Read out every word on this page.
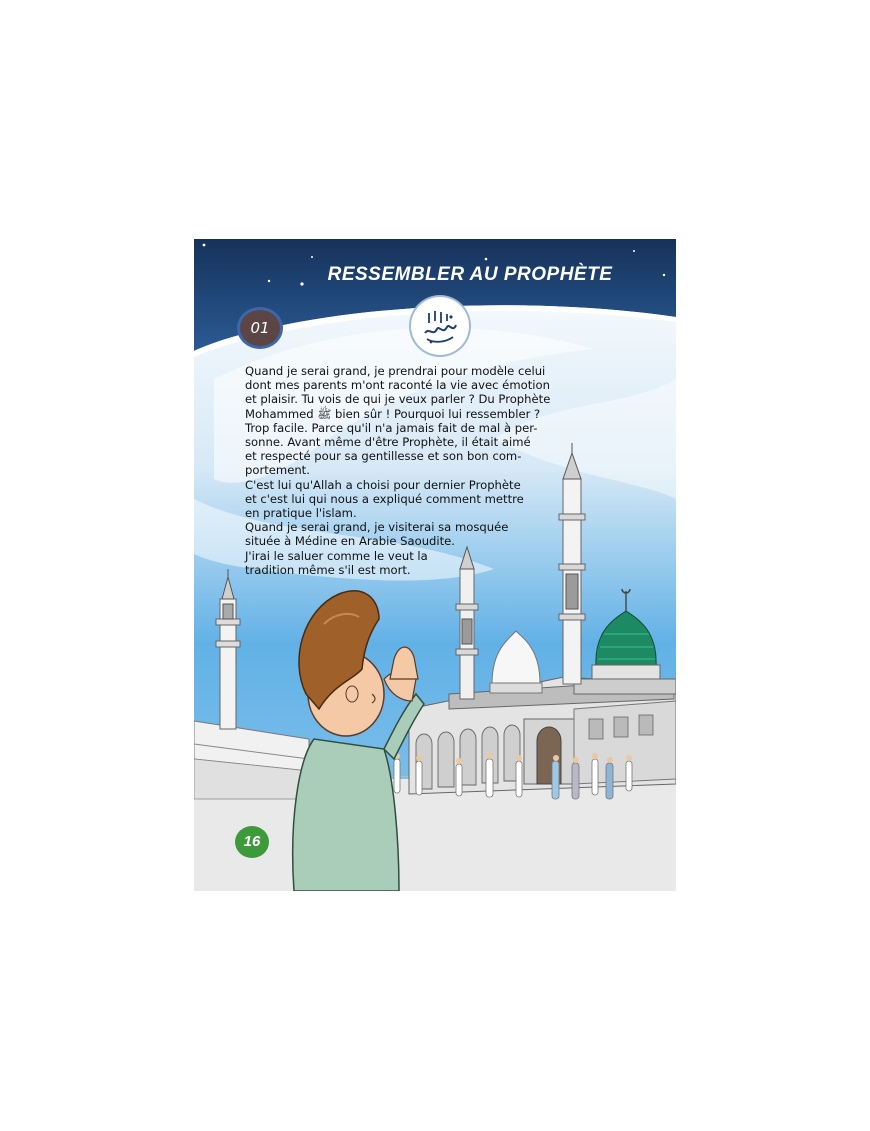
RESSEMBLER AU PROPHÈTE
01

Quand je serai grand, je prendrai pour modèle celui
dont mes parents m'ont raconté la vie avec émotion
et plaisir. Tu vois de qui je veux parler ? Du Prophète
Mohammed ﷺ bien sûr ! Pourquoi lui ressembler ?
Trop facile. Parce qu'il n'a jamais fait de mal à per-
sonne. Avant même d'être Prophète, il était aimé
et respecté pour sa gentillesse et son bon com-
portement.

C'est lui qu'Allah a choisi pour dernier Prophète
et c'est lui qui nous a expliqué comment mettre
en pratique l'islam.

Quand je serai grand, je visiterai sa mosquée
située à Médine en Arabie Saoudite.
J'irai le saluer comme le veut la
tradition même s'il est mort.

16
